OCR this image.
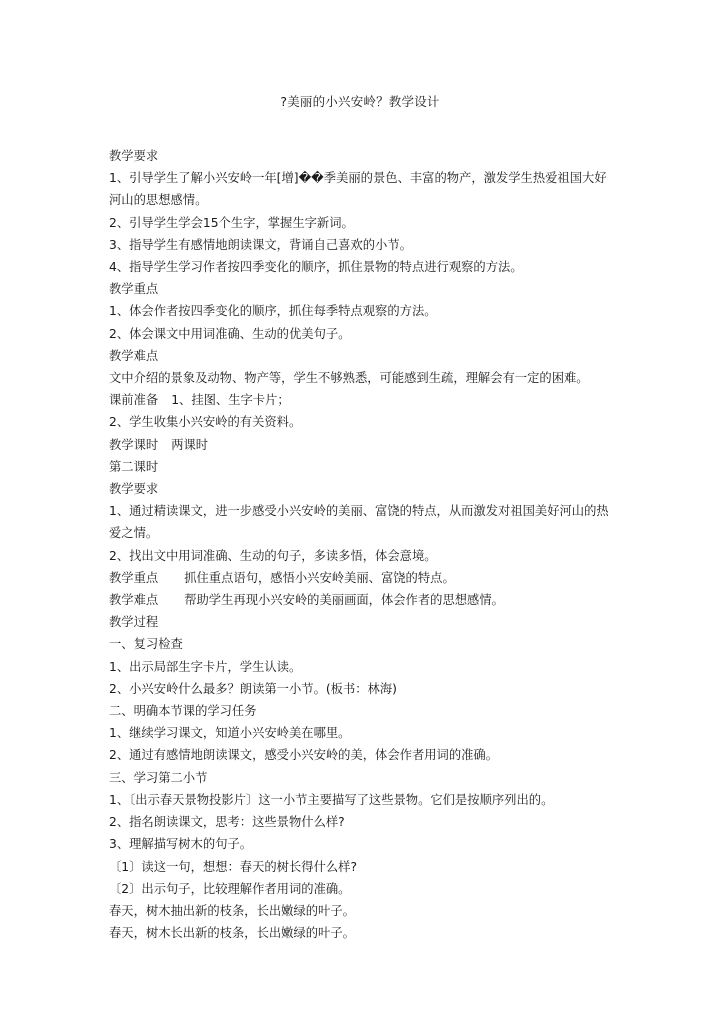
?美丽的小兴安岭？教学设计
教学要求
1、引导学生了解小兴安岭一年[增]��季美丽的景色、丰富的物产，激发学生热爱祖国大好河山的思想感情。
2、引导学生学会15个生字，掌握生字新词。
3、指导学生有感情地朗读课文，背诵自己喜欢的小节。
4、指导学生学习作者按四季变化的顺序，抓住景物的特点进行观察的方法。
教学重点
1、体会作者按四季变化的顺序，抓住每季特点观察的方法。
2、体会课文中用词准确、生动的优美句子。
教学难点
文中介绍的景象及动物、物产等，学生不够熟悉，可能感到生疏，理解会有一定的困难。
课前准备 1、挂图、生字卡片；
2、学生收集小兴安岭的有关资料。
教学课时 两课时
第二课时
教学要求
1、通过精读课文，进一步感受小兴安岭的美丽、富饶的特点，从而激发对祖国美好河山的热爱之情。
2、找出文中用词准确、生动的句子，多读多悟，体会意境。
教学重点 抓住重点语句，感悟小兴安岭美丽、富饶的特点。
教学难点 帮助学生再现小兴安岭的美丽画面，体会作者的思想感情。
教学过程
一、复习检查
1、出示局部生字卡片，学生认读。
2、小兴安岭什么最多？朗读第一小节。(板书：林海)
二、明确本节课的学习任务
1、继续学习课文，知道小兴安岭美在哪里。
2、通过有感情地朗读课文，感受小兴安岭的美，体会作者用词的准确。
三、学习第二小节
1、〔出示春天景物投影片〕这一小节主要描写了这些景物。它们是按顺序列出的。
2、指名朗读课文，思考：这些景物什么样?
3、理解描写树木的句子。
〔1〕读这一句，想想：春天的树长得什么样?
〔2〕出示句子，比较理解作者用词的准确。
春天，树木抽出新的枝条，长出嫩绿的叶子。
春天，树木长出新的枝条，长出嫩绿的叶子。
